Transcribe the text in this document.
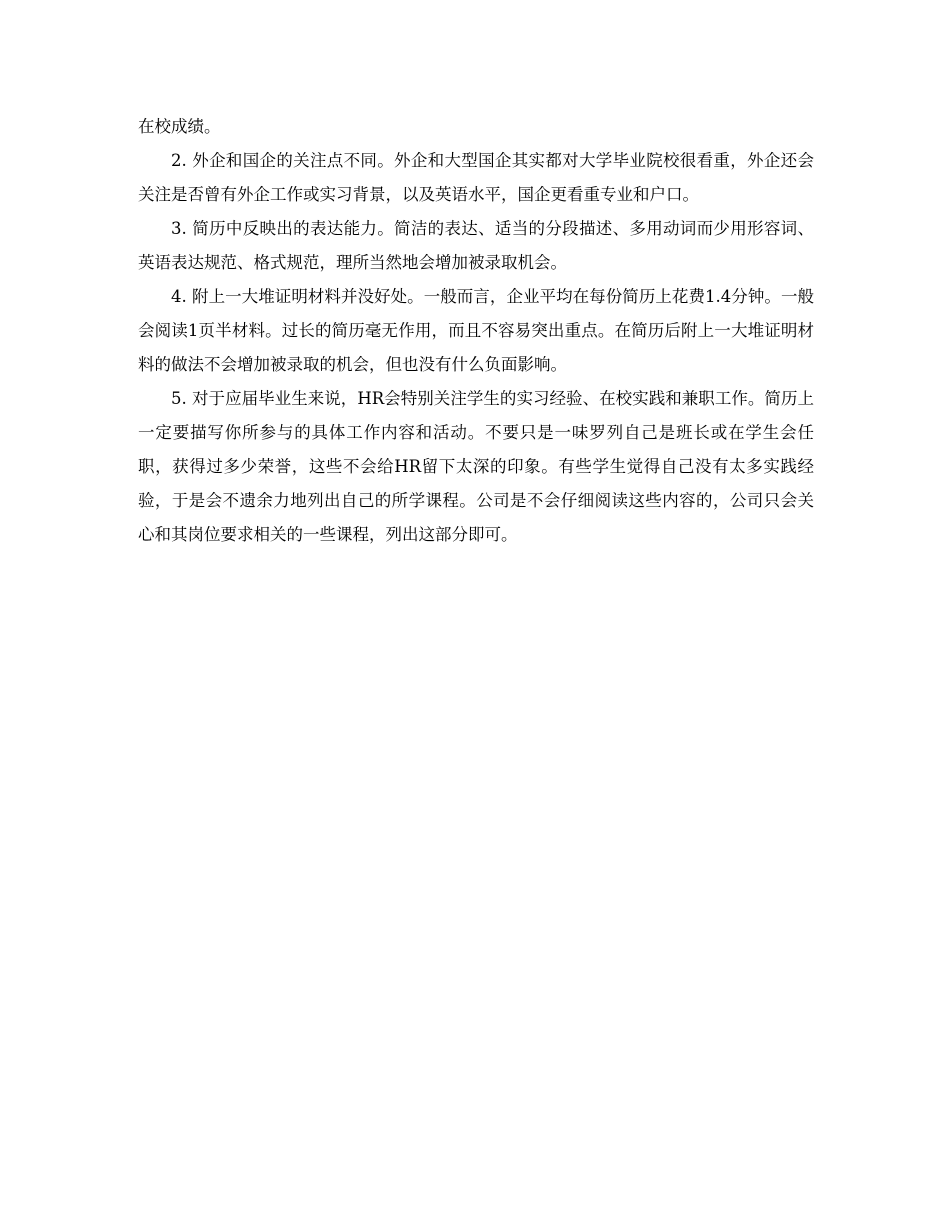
在校成绩。

2. 外企和国企的关注点不同。外企和大型国企其实都对大学毕业院校很看重，外企还会关注是否曾有外企工作或实习背景，以及英语水平，国企更看重专业和户口。

3. 简历中反映出的表达能力。简洁的表达、适当的分段描述、多用动词而少用形容词、英语表达规范、格式规范，理所当然地会增加被录取机会。

4. 附上一大堆证明材料并没好处。一般而言，企业平均在每份简历上花费1.4分钟。一般会阅读1页半材料。过长的简历毫无作用，而且不容易突出重点。在简历后附上一大堆证明材料的做法不会增加被录取的机会，但也没有什么负面影响。

5. 对于应届毕业生来说，HR会特别关注学生的实习经验、在校实践和兼职工作。简历上一定要描写你所参与的具体工作内容和活动。不要只是一味罗列自己是班长或在学生会任职，获得过多少荣誉，这些不会给HR留下太深的印象。有些学生觉得自己没有太多实践经验，于是会不遗余力地列出自己的所学课程。公司是不会仔细阅读这些内容的，公司只会关心和其岗位要求相关的一些课程，列出这部分即可。
